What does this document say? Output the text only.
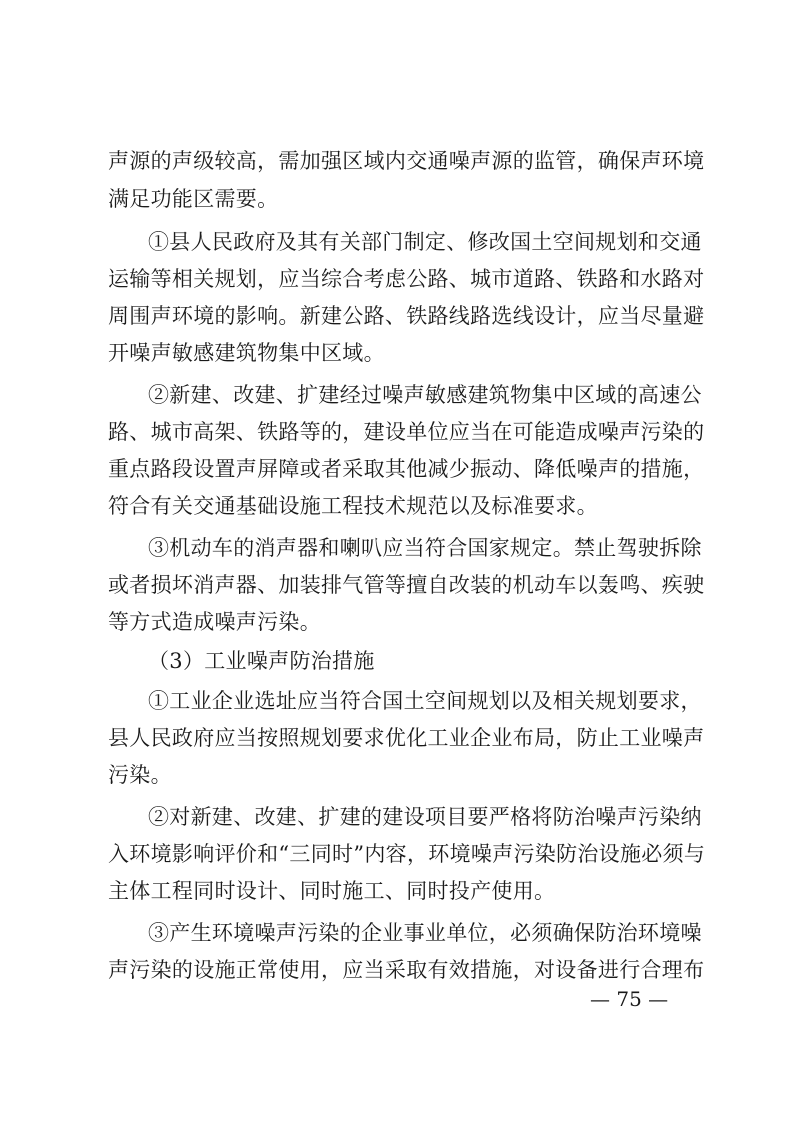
声源的声级较高，需加强区域内交通噪声源的监管，确保声环境
满足功能区需要。
①县人民政府及其有关部门制定、修改国土空间规划和交通
运输等相关规划，应当综合考虑公路、城市道路、铁路和水路对
周围声环境的影响。新建公路、铁路线路选线设计，应当尽量避
开噪声敏感建筑物集中区域。
②新建、改建、扩建经过噪声敏感建筑物集中区域的高速公
路、城市高架、铁路等的，建设单位应当在可能造成噪声污染的
重点路段设置声屏障或者采取其他减少振动、降低噪声的措施，
符合有关交通基础设施工程技术规范以及标准要求。
③机动车的消声器和喇叭应当符合国家规定。禁止驾驶拆除
或者损坏消声器、加装排气管等擅自改装的机动车以轰鸣、疾驶
等方式造成噪声污染。
（3）工业噪声防治措施
①工业企业选址应当符合国土空间规划以及相关规划要求，
县人民政府应当按照规划要求优化工业企业布局，防止工业噪声
污染。
②对新建、改建、扩建的建设项目要严格将防治噪声污染纳
入环境影响评价和“三同时”内容，环境噪声污染防治设施必须与
主体工程同时设计、同时施工、同时投产使用。
③产生环境噪声污染的企业事业单位，必须确保防治环境噪
声污染的设施正常使用，应当采取有效措施，对设备进行合理布
— 75 —
